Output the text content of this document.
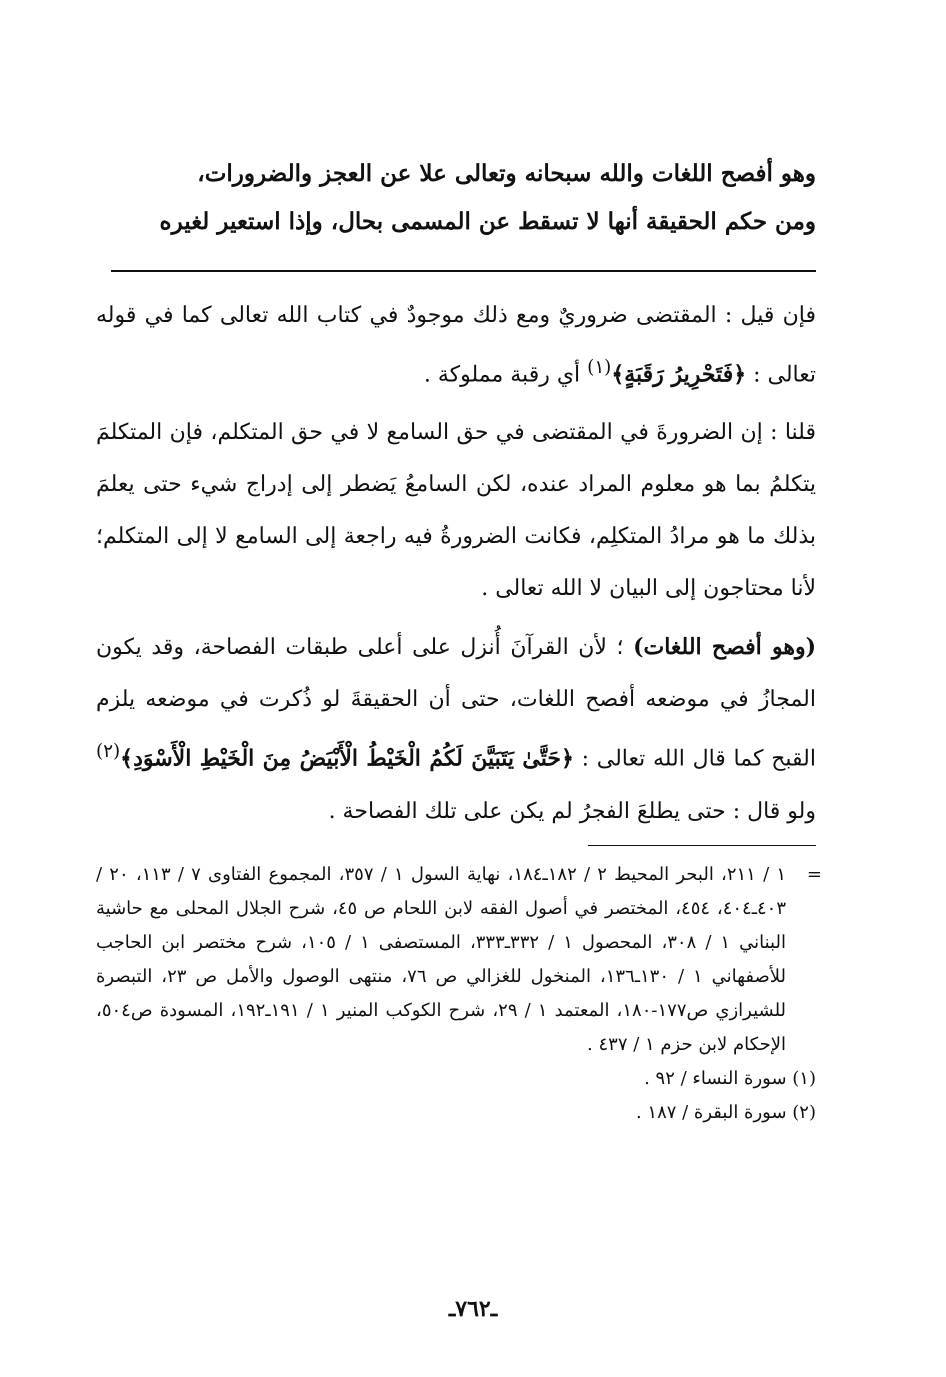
وهو أفصح اللغات والله سبحانه وتعالى علا عن العجز والضرورات،

ومن حكم الحقيقة أنها لا تسقط عن المسمى بحال، وإذا استعير لغيره

فإن قيل : المقتضى ضروريٌ ومع ذلك موجودٌ في كتاب الله تعالى كما في قوله تعالى : ﴿فَتَحْرِيرُ رَقَبَةٍ﴾$^{(١)}$ أي رقبة مملوكة .

قلنا : إن الضرورةَ في المقتضى في حق السامع لا في حق المتكلم، فإن المتكلمَ يتكلمُ بما هو معلوم المراد عنده، لكن السامعُ يَضطر إلى إدراج شيء حتى يعلمَ بذلك ما هو مرادُ المتكلِم، فكانت الضرورةُ فيه راجعة إلى السامع لا إلى المتكلم؛ لأنا محتاجون إلى البيان لا الله تعالى .

(وهو أفصح اللغات) ؛ لأن القرآنَ أُنزل على أعلى طبقات الفصاحة، وقد يكون المجازُ في موضعه أفصح اللغات، حتى أن الحقيقةَ لو ذُكرت في موضعه يلزم القبح كما قال الله تعالى : ﴿حَتَّىٰ يَتَبَيَّنَ لَكُمُ الْخَيْطُ الْأَبْيَضُ مِنَ الْخَيْطِ الْأَسْوَدِ﴾$^{(٢)}$ ولو قال : حتى يطلعَ الفجرُ لم يكن على تلك الفصاحة .

=
١ / ٢١١، البحر المحيط ٢ / ١٨٢ـ١٨٤، نهاية السول ١ / ٣٥٧، المجموع الفتاوى ٧ / ١١٣، ٢٠ / ٤٠٣ـ٤٠٤، ٤٥٤، المختصر في أصول الفقه لابن اللحام ص ٤٥، شرح الجلال المحلى مع حاشية البناني ١ / ٣٠٨، المحصول ١ / ٣٣٢ـ٣٣٣، المستصفى ١ / ١٠٥، شرح مختصر ابن الحاجب للأصفهاني ١ / ١٣٠ـ١٣٦، المنخول للغزالي ص ٧٦، منتهى الوصول والأمل ص ٢٣، التبصرة للشيرازي ص١٧٧-١٨٠، المعتمد ١ / ٢٩، شرح الكوكب المنير ١ / ١٩١ـ١٩٢، المسودة ص٥٠٤، الإحكام لابن حزم ١ / ٤٣٧ .

(١) سورة النساء / ٩٢ .

(٢) سورة البقرة / ١٨٧ .

ـ٧٦٢ـ
